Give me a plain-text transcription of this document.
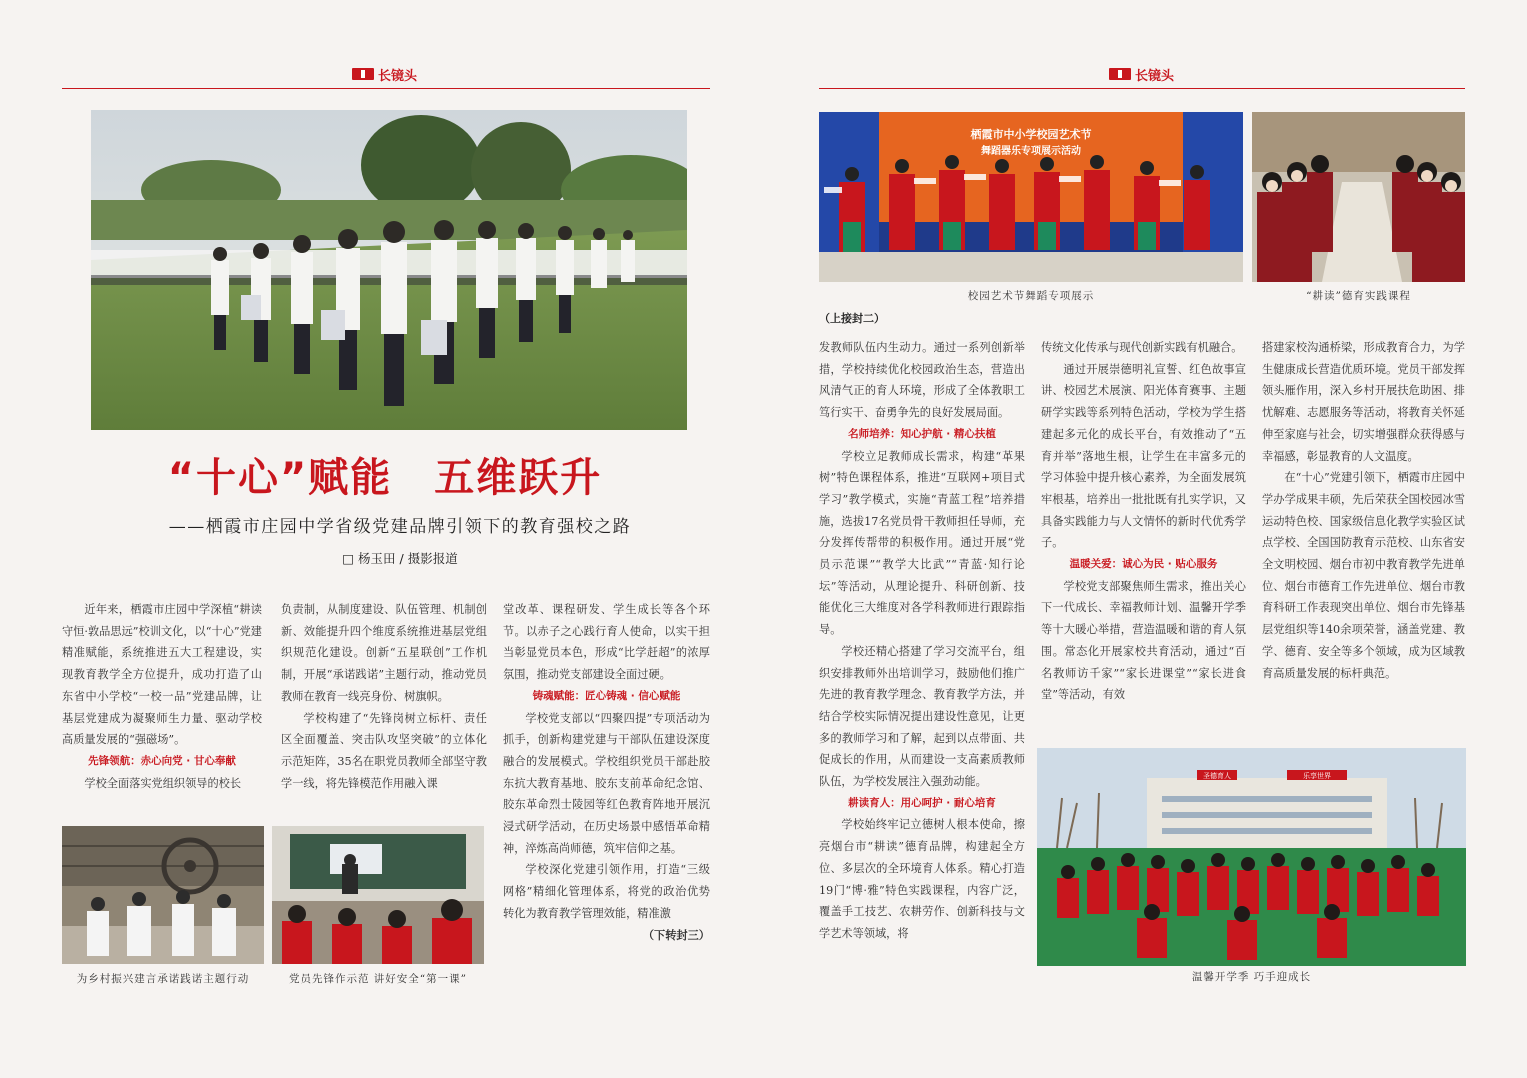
长镜头
“十心”赋能　五维跃升
——栖霞市庄园中学省级党建品牌引领下的教育强校之路
□ 杨玉田 / 摄影报道

近年来，栖霞市庄园中学深植“耕读守恒·敦品思远”校训文化，以“十心”党建精准赋能，系统推进五大工程建设，实现教育教学全方位提升，成功打造了山东省中小学校“一校一品”党建品牌，让基层党建成为凝聚师生力量、驱动学校高质量发展的“强磁场”。

先锋领航：赤心向党 · 甘心奉献

学校全面落实党组织领导的校长

负责制，从制度建设、队伍管理、机制创新、效能提升四个维度系统推进基层党组织规范化建设。创新“五星联创”工作机制，开展“承诺践诺”主题行动，推动党员教师在教育一线亮身份、树旗帜。

学校构建了“先锋岗树立标杆、责任区全面覆盖、突击队攻坚突破”的立体化示范矩阵，35名在职党员教师全部坚守教学一线，将先锋模范作用融入课

堂改革、课程研发、学生成长等各个环节。以赤子之心践行育人使命，以实干担当彰显党员本色，形成“比学赶超”的浓厚氛围，推动党支部建设全面过硬。

铸魂赋能：匠心铸魂 · 信心赋能

学校党支部以“四聚四提”专项活动为抓手，创新构建党建与干部队伍建设深度融合的发展模式。学校组织党员干部赴胶东抗大教育基地、胶东支前革命纪念馆、胶东革命烈士陵园等红色教育阵地开展沉浸式研学活动，在历史场景中感悟革命精神，淬炼高尚师德，筑牢信仰之基。

学校深化党建引领作用，打造“三级网格”精细化管理体系，将党的政治优势转化为教育教学管理效能，精准激

（下转封三）

为乡村振兴建言承诺践诺主题行动	党员先锋作示范 讲好安全“第一课”
长镜头
栖霞市中小学校园艺术节
舞蹈器乐专项展示活动
校园艺术节舞蹈专项展示	“耕读”德育实践课程
（上接封二）

发教师队伍内生动力。通过一系列创新举措，学校持续优化校园政治生态，营造出风清气正的育人环境，形成了全体教职工笃行实干、奋勇争先的良好发展局面。

名师培养：知心护航 · 精心扶植

学校立足教师成长需求，构建“革果树”特色课程体系，推进“互联网+项目式学习”教学模式，实施“青蓝工程”培养措施，选拔17名党员骨干教师担任导师，充分发挥传帮带的积极作用。通过开展“党员示范课”“教学大比武”“青蓝·知行论坛”等活动，从理论提升、科研创新、技能优化三大维度对各学科教师进行跟踪指导。

学校还精心搭建了学习交流平台，组织安排教师外出培训学习，鼓励他们推广先进的教育教学理念、教育教学方法，并结合学校实际情况提出建设性意见，让更多的教师学习和了解，起到以点带面、共促成长的作用，从而建设一支高素质教师队伍，为学校发展注入强劲动能。

耕读育人：用心呵护 · 耐心培育

学校始终牢记立德树人根本使命，擦亮烟台市“耕读”德育品牌，构建起全方位、多层次的全环境育人体系。精心打造19门“博·雅”特色实践课程，内容广泛，覆盖手工技艺、农耕劳作、创新科技与文学艺术等领域，将

传统文化传承与现代创新实践有机融合。

通过开展崇德明礼宣誓、红色故事宣讲、校园艺术展演、阳光体育赛事、主题研学实践等系列特色活动，学校为学生搭建起多元化的成长平台，有效推动了“五育并举”落地生根，让学生在丰富多元的学习体验中提升核心素养，为全面发展筑牢根基，培养出一批批既有扎实学识，又具备实践能力与人文情怀的新时代优秀学子。

温暖关爱：诚心为民 · 贴心服务

学校党支部聚焦师生需求，推出关心下一代成长、幸福教师计划、温馨开学季等十大暖心举措，营造温暖和谐的育人氛围。常态化开展家校共育活动，通过“百名教师访千家”“家长进课堂”“家长进食堂”等活动，有效

搭建家校沟通桥梁，形成教育合力，为学生健康成长营造优质环境。党员干部发挥领头雁作用，深入乡村开展扶危助困、排忧解难、志愿服务等活动，将教育关怀延伸至家庭与社会，切实增强群众获得感与幸福感，彰显教育的人文温度。

在“十心”党建引领下，栖霞市庄园中学办学成果丰硕，先后荣获全国校园冰雪运动特色校、国家级信息化教学实验区试点学校、全国国防教育示范校、山东省安全文明校园、烟台市初中教育教学先进单位、烟台市德育工作先进单位、烟台市教育科研工作表现突出单位、烟台市先锋基层党组织等140余项荣誉，涵盖党建、教学、德育、安全等多个领域，成为区域教育高质量发展的标杆典范。

圣德育人	乐享世界
温馨开学季 巧手迎成长
